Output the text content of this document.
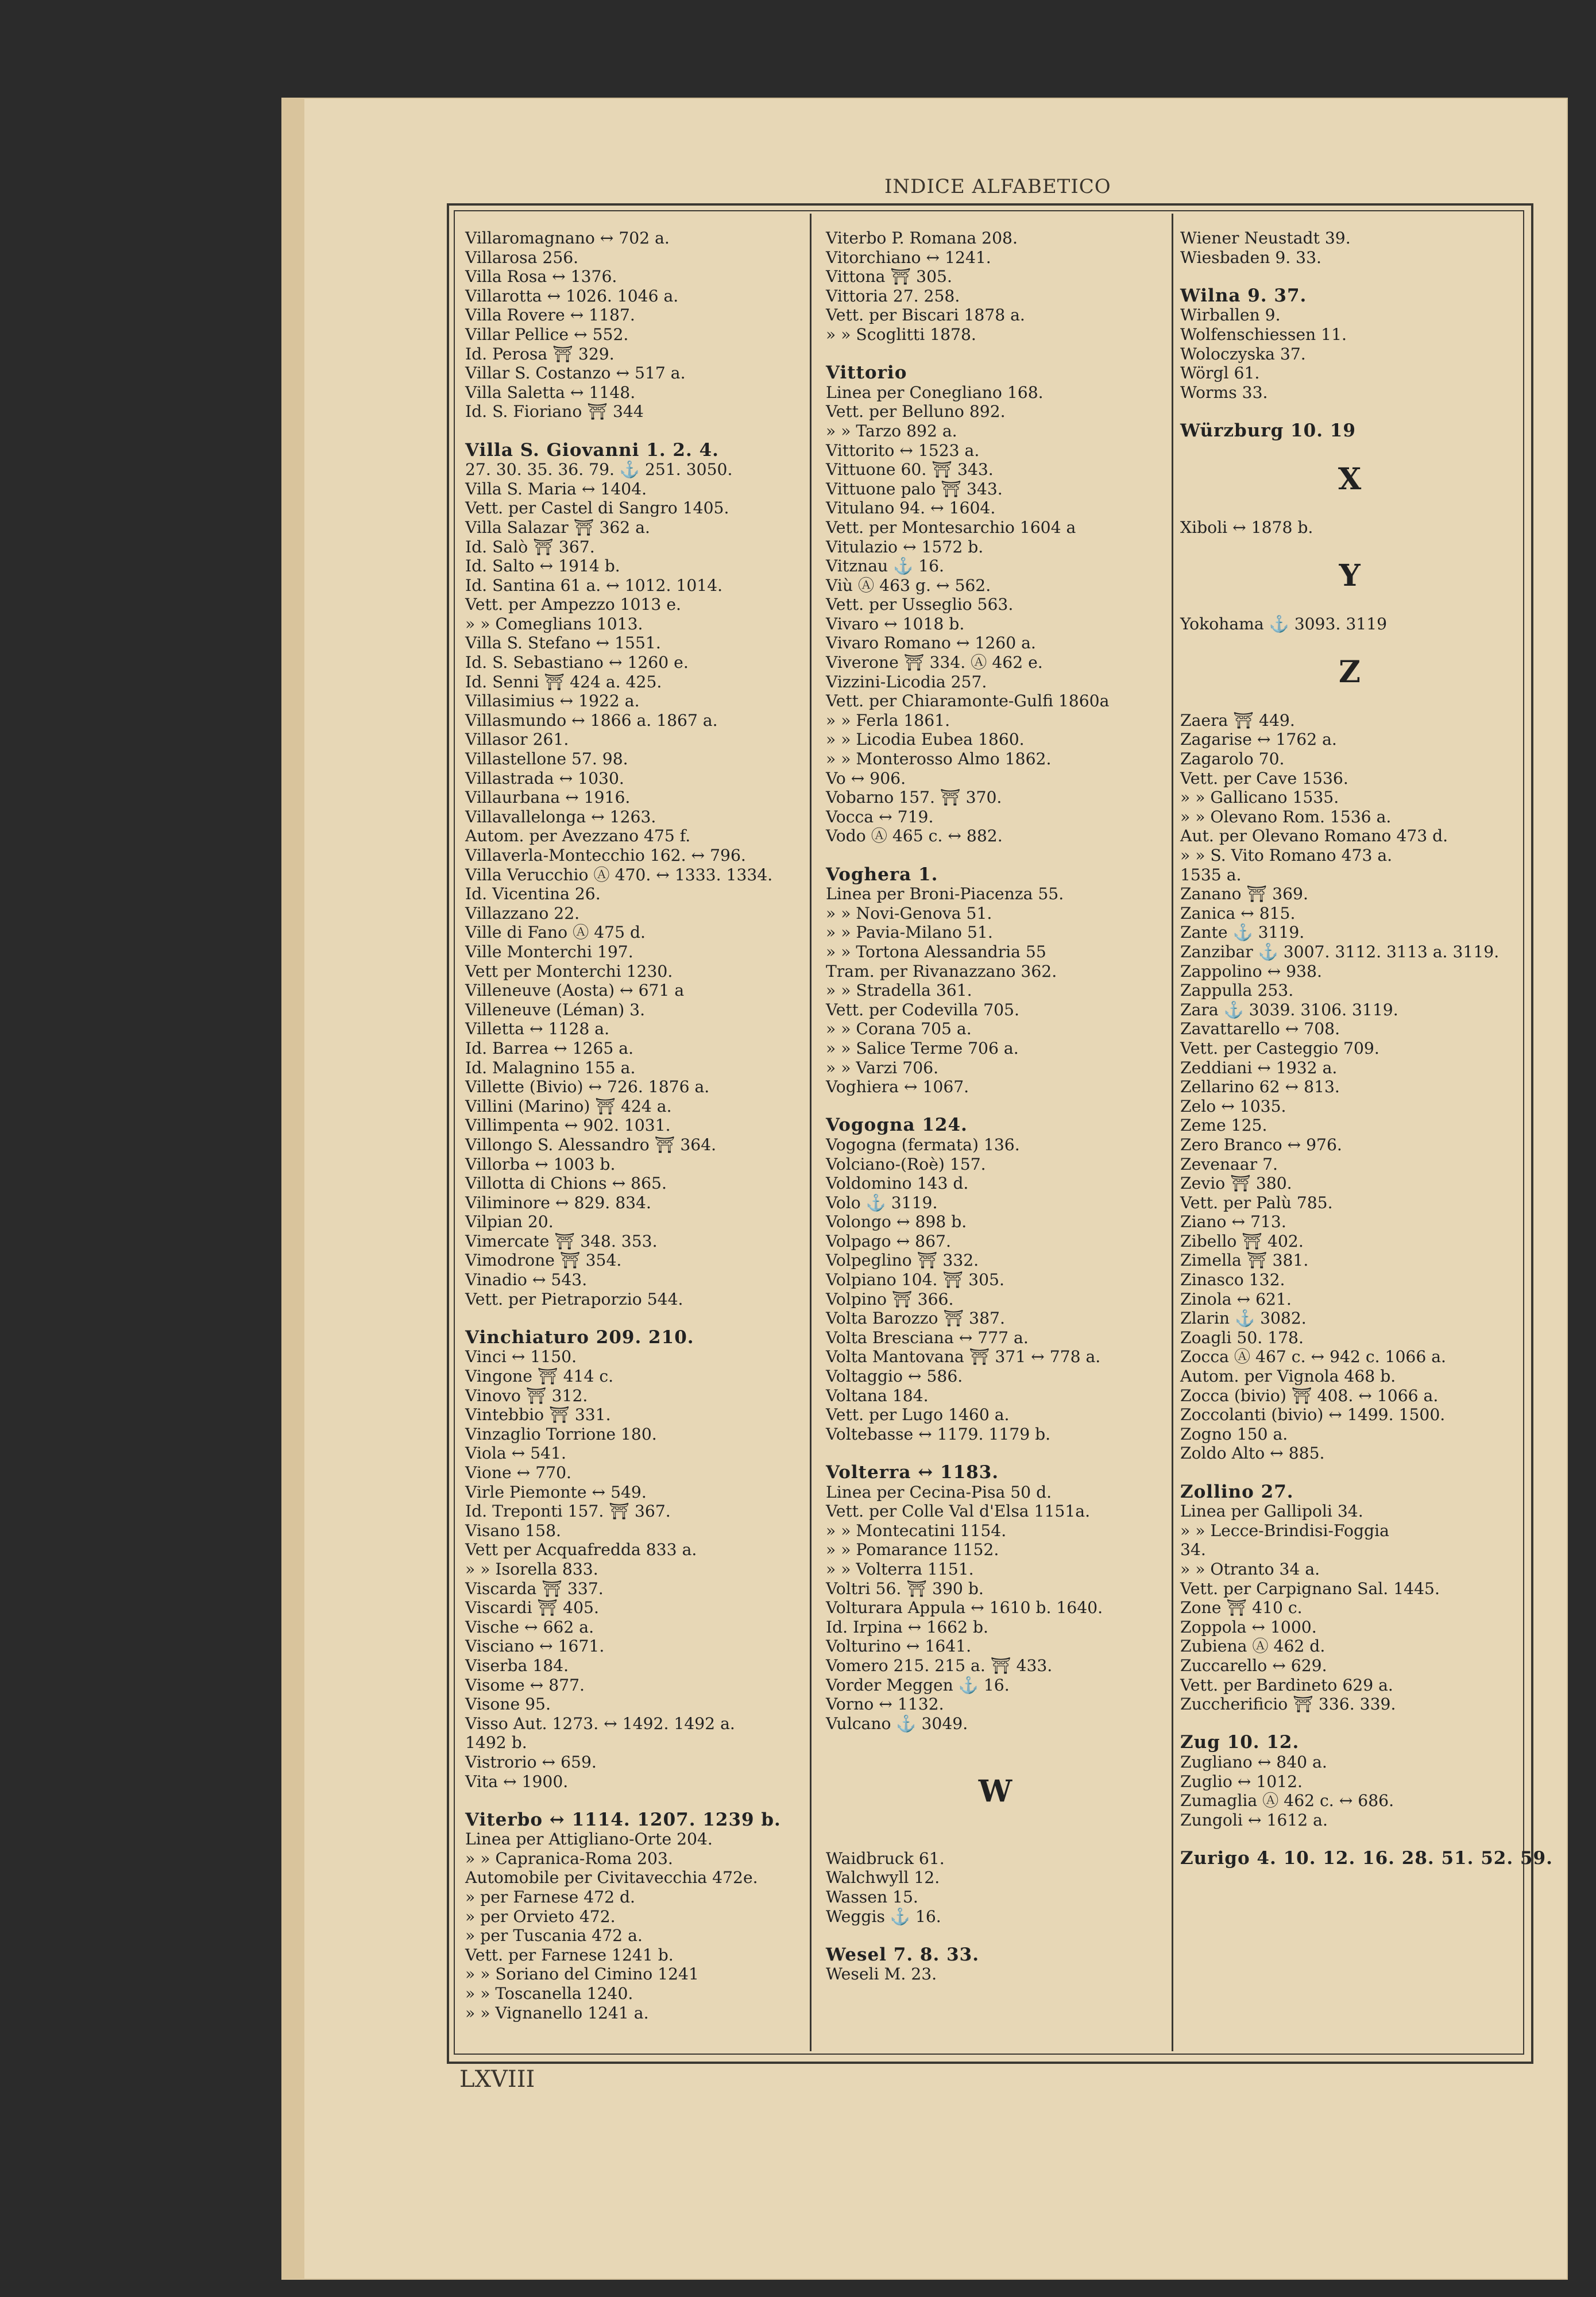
INDICE ALFABETICO
Villaromagnano ↔ 702 a.
Villarosa 256.
Villa Rosa ↔ 1376.
Villarotta ↔ 1026. 1046 a.
Villa Rovere ↔ 1187.
Villar Pellice ↔ 552.
Id. Perosa ⛩ 329.
Villar S. Costanzo ↔ 517 a.
Villa Saletta ↔ 1148.
Id. S. Fioriano ⛩ 344
Villa S. Giovanni 1. 2. 4.
27. 30. 35. 36. 79. ⚓ 251. 3050.
Villa S. Maria ↔ 1404.
Vett. per Castel di Sangro 1405.
Villa Salazar ⛩ 362 a.
Id. Salò ⛩ 367.
Id. Salto ↔ 1914 b.
Id. Santina 61 a. ↔ 1012. 1014.
Vett. per Ampezzo 1013 e.
» » Comeglians 1013.
Villa S. Stefano ↔ 1551.
Id. S. Sebastiano ↔ 1260 e.
Id. Senni ⛩ 424 a. 425.
Villasimius ↔ 1922 a.
Villasmundo ↔ 1866 a. 1867 a.
Villasor 261.
Villastellone 57. 98.
Villastrada ↔ 1030.
Villaurbana ↔ 1916.
Villavallelonga ↔ 1263.
Autom. per Avezzano 475 f.
Villaverla-Montecchio 162. ↔ 796.
Villa Verucchio Ⓐ 470. ↔ 1333. 1334.
Id. Vicentina 26.
Villazzano 22.
Ville di Fano Ⓐ 475 d.
Ville Monterchi 197.
Vett per Monterchi 1230.
Villeneuve (Aosta) ↔ 671 a
Villeneuve (Léman) 3.
Villetta ↔ 1128 a.
Id. Barrea ↔ 1265 a.
Id. Malagnino 155 a.
Villette (Bivio) ↔ 726. 1876 a.
Villini (Marino) ⛩ 424 a.
Villimpenta ↔ 902. 1031.
Villongo S. Alessandro ⛩ 364.
Villorba ↔ 1003 b.
Villotta di Chions ↔ 865.
Viliminore ↔ 829. 834.
Vilpian 20.
Vimercate ⛩ 348. 353.
Vimodrone ⛩ 354.
Vinadio ↔ 543.
Vett. per Pietraporzio 544.
Vinchiaturo 209. 210.
Vinci ↔ 1150.
Vingone ⛩ 414 c.
Vinovo ⛩ 312.
Vintebbio ⛩ 331.
Vinzaglio Torrione 180.
Viola ↔ 541.
Vione ↔ 770.
Virle Piemonte ↔ 549.
Id. Treponti 157. ⛩ 367.
Visano 158.
Vett per Acquafredda 833 a.
» » Isorella 833.
Viscarda ⛩ 337.
Viscardi ⛩ 405.
Vische ↔ 662 a.
Visciano ↔ 1671.
Viserba 184.
Visome ↔ 877.
Visone 95.
Visso Aut. 1273. ↔ 1492. 1492 a.
1492 b.
Vistrorio ↔ 659.
Vita ↔ 1900.
Viterbo ↔ 1114. 1207. 1239 b.
Linea per Attigliano-Orte 204.
» » Capranica-Roma 203.
Automobile per Civitavecchia 472e.
» per Farnese 472 d.
» per Orvieto 472.
» per Tuscania 472 a.
Vett. per Farnese 1241 b.
» » Soriano del Cimino 1241
» » Toscanella 1240.
» » Vignanello 1241 a.
Viterbo P. Romana 208.
Vitorchiano ↔ 1241.
Vittona ⛩ 305.
Vittoria 27. 258.
Vett. per Biscari 1878 a.
» » Scoglitti 1878.
Vittorio
Linea per Conegliano 168.
Vett. per Belluno 892.
» » Tarzo 892 a.
Vittorito ↔ 1523 a.
Vittuone 60. ⛩ 343.
Vittuone palo ⛩ 343.
Vitulano 94. ↔ 1604.
Vett. per Montesarchio 1604 a
Vitulazio ↔ 1572 b.
Vitznau ⚓ 16.
Viù Ⓐ 463 g. ↔ 562.
Vett. per Usseglio 563.
Vivaro ↔ 1018 b.
Vivaro Romano ↔ 1260 a.
Viverone ⛩ 334. Ⓐ 462 e.
Vizzini-Licodia 257.
Vett. per Chiaramonte-Gulfi 1860a
» » Ferla 1861.
» » Licodia Eubea 1860.
» » Monterosso Almo 1862.
Vo ↔ 906.
Vobarno 157. ⛩ 370.
Vocca ↔ 719.
Vodo Ⓐ 465 c. ↔ 882.
Voghera 1.
Linea per Broni-Piacenza 55.
» » Novi-Genova 51.
» » Pavia-Milano 51.
» » Tortona Alessandria 55
Tram. per Rivanazzano 362.
» » Stradella 361.
Vett. per Codevilla 705.
» » Corana 705 a.
» » Salice Terme 706 a.
» » Varzi 706.
Voghiera ↔ 1067.
Vogogna 124.
Vogogna (fermata) 136.
Volciano-(Roè) 157.
Voldomino 143 d.
Volo ⚓ 3119.
Volongo ↔ 898 b.
Volpago ↔ 867.
Volpeglino ⛩ 332.
Volpiano 104. ⛩ 305.
Volpino ⛩ 366.
Volta Barozzo ⛩ 387.
Volta Bresciana ↔ 777 a.
Volta Mantovana ⛩ 371 ↔ 778 a.
Voltaggio ↔ 586.
Voltana 184.
Vett. per Lugo 1460 a.
Voltebasse ↔ 1179. 1179 b.
Volterra ↔ 1183.
Linea per Cecina-Pisa 50 d.
Vett. per Colle Val d'Elsa 1151a.
» » Montecatini 1154.
» » Pomarance 1152.
» » Volterra 1151.
Voltri 56. ⛩ 390 b.
Volturara Appula ↔ 1610 b. 1640.
Id. Irpina ↔ 1662 b.
Volturino ↔ 1641.
Vomero 215. 215 a. ⛩ 433.
Vorder Meggen ⚓ 16.
Vorno ↔ 1132.
Vulcano ⚓ 3049.
W
Waidbruck 61.
Walchwyll 12.
Wassen 15.
Weggis ⚓ 16.
Wesel 7. 8. 33.
Weseli M. 23.
Wiener Neustadt 39.
Wiesbaden 9. 33.
Wilna 9. 37.
Wirballen 9.
Wolfenschiessen 11.
Woloczyska 37.
Wörgl 61.
Worms 33.
Würzburg 10. 19
X
Xiboli ↔ 1878 b.
Y
Yokohama ⚓ 3093. 3119
Z
Zaera ⛩ 449.
Zagarise ↔ 1762 a.
Zagarolo 70.
Vett. per Cave 1536.
» » Gallicano 1535.
» » Olevano Rom. 1536 a.
Aut. per Olevano Romano 473 d.
» » S. Vito Romano 473 a.
1535 a.
Zanano ⛩ 369.
Zanica ↔ 815.
Zante ⚓ 3119.
Zanzibar ⚓ 3007. 3112. 3113 a. 3119.
Zappolino ↔ 938.
Zappulla 253.
Zara ⚓ 3039. 3106. 3119.
Zavattarello ↔ 708.
Vett. per Casteggio 709.
Zeddiani ↔ 1932 a.
Zellarino 62 ↔ 813.
Zelo ↔ 1035.
Zeme 125.
Zero Branco ↔ 976.
Zevenaar 7.
Zevio ⛩ 380.
Vett. per Palù 785.
Ziano ↔ 713.
Zibello ⛩ 402.
Zimella ⛩ 381.
Zinasco 132.
Zinola ↔ 621.
Zlarin ⚓ 3082.
Zoagli 50. 178.
Zocca Ⓐ 467 c. ↔ 942 c. 1066 a.
Autom. per Vignola 468 b.
Zocca (bivio) ⛩ 408. ↔ 1066 a.
Zoccolanti (bivio) ↔ 1499. 1500.
Zogno 150 a.
Zoldo Alto ↔ 885.
Zollino 27.
Linea per Gallipoli 34.
» » Lecce-Brindisi-Foggia
34.
» » Otranto 34 a.
Vett. per Carpignano Sal. 1445.
Zone ⛩ 410 c.
Zoppola ↔ 1000.
Zubiena Ⓐ 462 d.
Zuccarello ↔ 629.
Vett. per Bardineto 629 a.
Zuccherificio ⛩ 336. 339.
Zug 10. 12.
Zugliano ↔ 840 a.
Zuglio ↔ 1012.
Zumaglia Ⓐ 462 c. ↔ 686.
Zungoli ↔ 1612 a.
Zurigo 4. 10. 12. 16. 28. 51. 52. 59.
LXVIII
